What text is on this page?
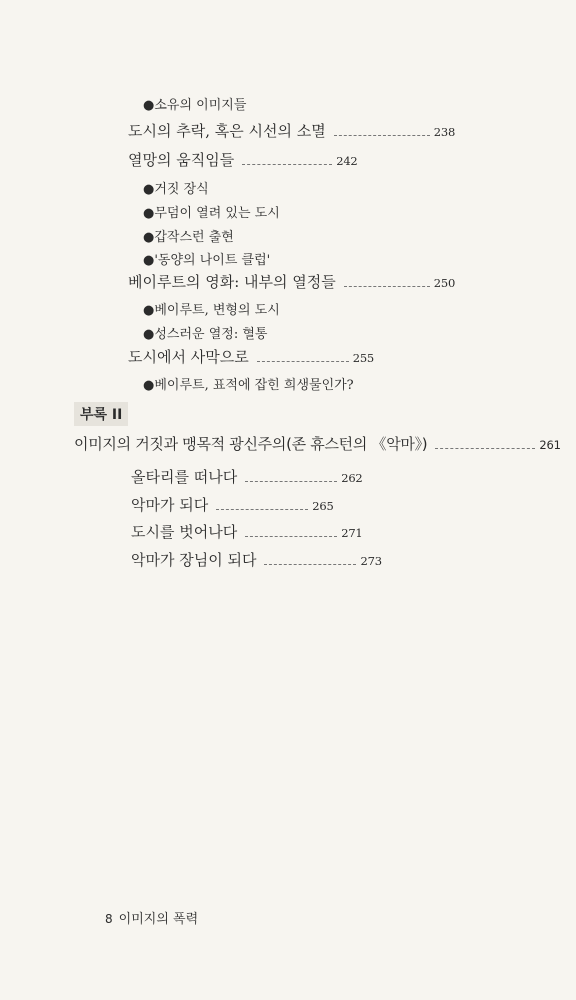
●소유의 이미지들
도시의 추락, 혹은 시선의 소멸	238
열망의 움직임들	242
●거짓 장식
●무덤이 열려 있는 도시
●갑작스런 출현
●'동양의 나이트 클럽'
베이루트의 영화: 내부의 열정들	250
●베이루트, 변형의 도시
●성스러운 열정: 혈통
도시에서 사막으로	255
●베이루트, 표적에 잡힌 희생물인가?
부록 II
이미지의 거짓과 맹목적 광신주의(존 휴스턴의 《악마》)	261
올타리를 떠나다	262
악마가 되다	265
도시를 벗어나다	271
악마가 장님이 되다	273
8 이미지의 폭력
